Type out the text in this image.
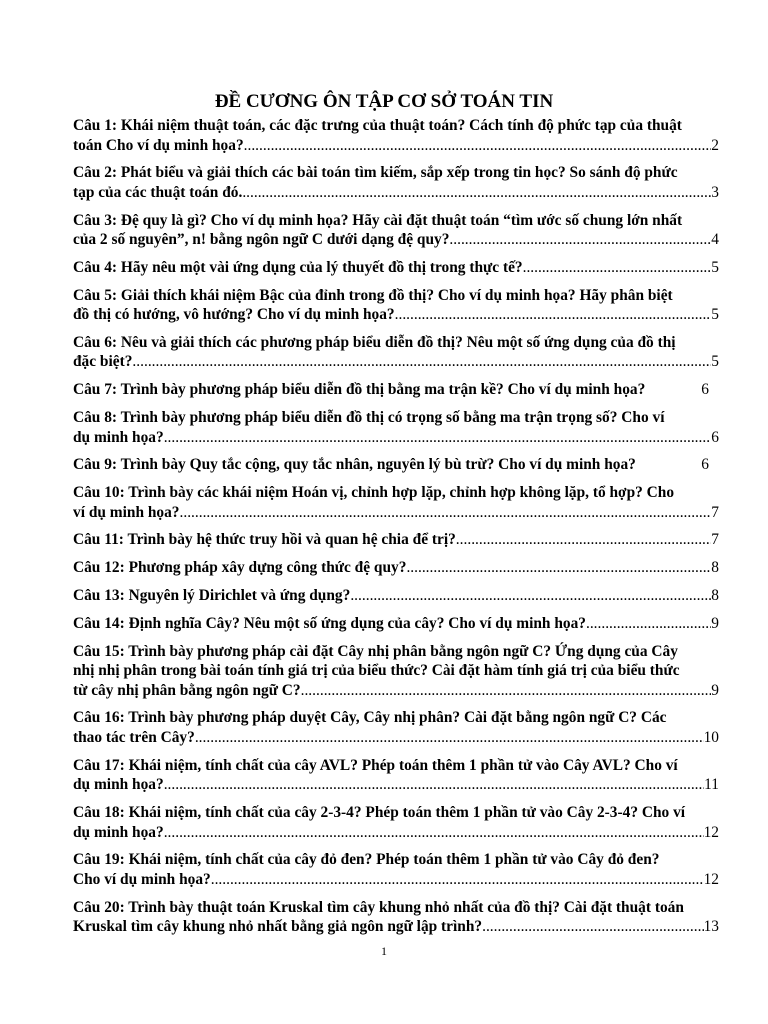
ĐỀ CƯƠNG ÔN TẬP CƠ SỞ TOÁN TIN
Câu 1: Khái niệm thuật toán, các đặc trưng của thuật toán? Cách tính độ phức tạp của thuật
toán Cho ví dụ minh họa? .....	2
Câu 2: Phát biểu và giải thích các bài toán tìm kiếm, sắp xếp trong tin học? So sánh độ phức
tạp của các thuật toán đó. .....	3
Câu 3: Đệ quy là gì? Cho ví dụ minh họa? Hãy cài đặt thuật toán “tìm ước số chung lớn nhất
của 2 số nguyên”, n! bằng ngôn ngữ C dưới dạng đệ quy? .....	4
Câu 4: Hãy nêu một vài ứng dụng của lý thuyết đồ thị trong thực tế? .....	5
Câu 5: Giải thích khái niệm Bậc của đỉnh trong đồ thị? Cho ví dụ minh họa? Hãy phân biệt
đồ thị có hướng, vô hướng? Cho ví dụ minh họa? .....	5
Câu 6: Nêu và giải thích các phương pháp biểu diễn đồ thị? Nêu một số ứng dụng của đồ thị
đặc biệt? .....	5
Câu 7: Trình bày phương pháp biểu diễn đồ thị bằng ma trận kề? Cho ví dụ minh họa?	6
Câu 8: Trình bày phương pháp biểu diễn đồ thị có trọng số bằng ma trận trọng số? Cho ví
dụ minh họa? .....	6
Câu 9: Trình bày Quy tắc cộng, quy tắc nhân, nguyên lý bù trừ? Cho ví dụ minh họa?	6
Câu 10: Trình bày các khái niệm Hoán vị, chỉnh hợp lặp, chỉnh hợp không lặp, tổ hợp? Cho
ví dụ minh họa? .....	7
Câu 11: Trình bày hệ thức truy hồi và quan hệ chia để trị? .....	7
Câu 12: Phương pháp xây dựng công thức đệ quy? .....	8
Câu 13: Nguyên lý Dirichlet và ứng dụng? .....	8
Câu 14: Định nghĩa Cây? Nêu một số ứng dụng của cây? Cho ví dụ minh họa? .....	9
Câu 15: Trình bày phương pháp cài đặt Cây nhị phân bằng ngôn ngữ C? Ứng dụng của Cây
nhị nhị phân trong bài toán tính giá trị của biểu thức? Cài đặt hàm tính giá trị của biểu thức
từ cây nhị phân bằng ngôn ngữ C? .....	9
Câu 16: Trình bày phương pháp duyệt Cây, Cây nhị phân? Cài đặt bằng ngôn ngữ C? Các
thao tác trên Cây? .....	10
Câu 17: Khái niệm, tính chất của cây AVL? Phép toán thêm 1 phần tử vào Cây AVL? Cho ví
dụ minh họa? .....	11
Câu 18: Khái niệm, tính chất của cây 2-3-4? Phép toán thêm 1 phần tử vào Cây 2-3-4? Cho ví
dụ minh họa? .....	12
Câu 19: Khái niệm, tính chất của cây đỏ đen? Phép toán thêm 1 phần tử vào Cây đỏ đen?
Cho ví dụ minh họa? .....	12
Câu 20: Trình bày thuật toán Kruskal tìm cây khung nhỏ nhất của đồ thị? Cài đặt thuật toán
Kruskal tìm cây khung nhỏ nhất bằng giả ngôn ngữ lập trình? .....	13
1
